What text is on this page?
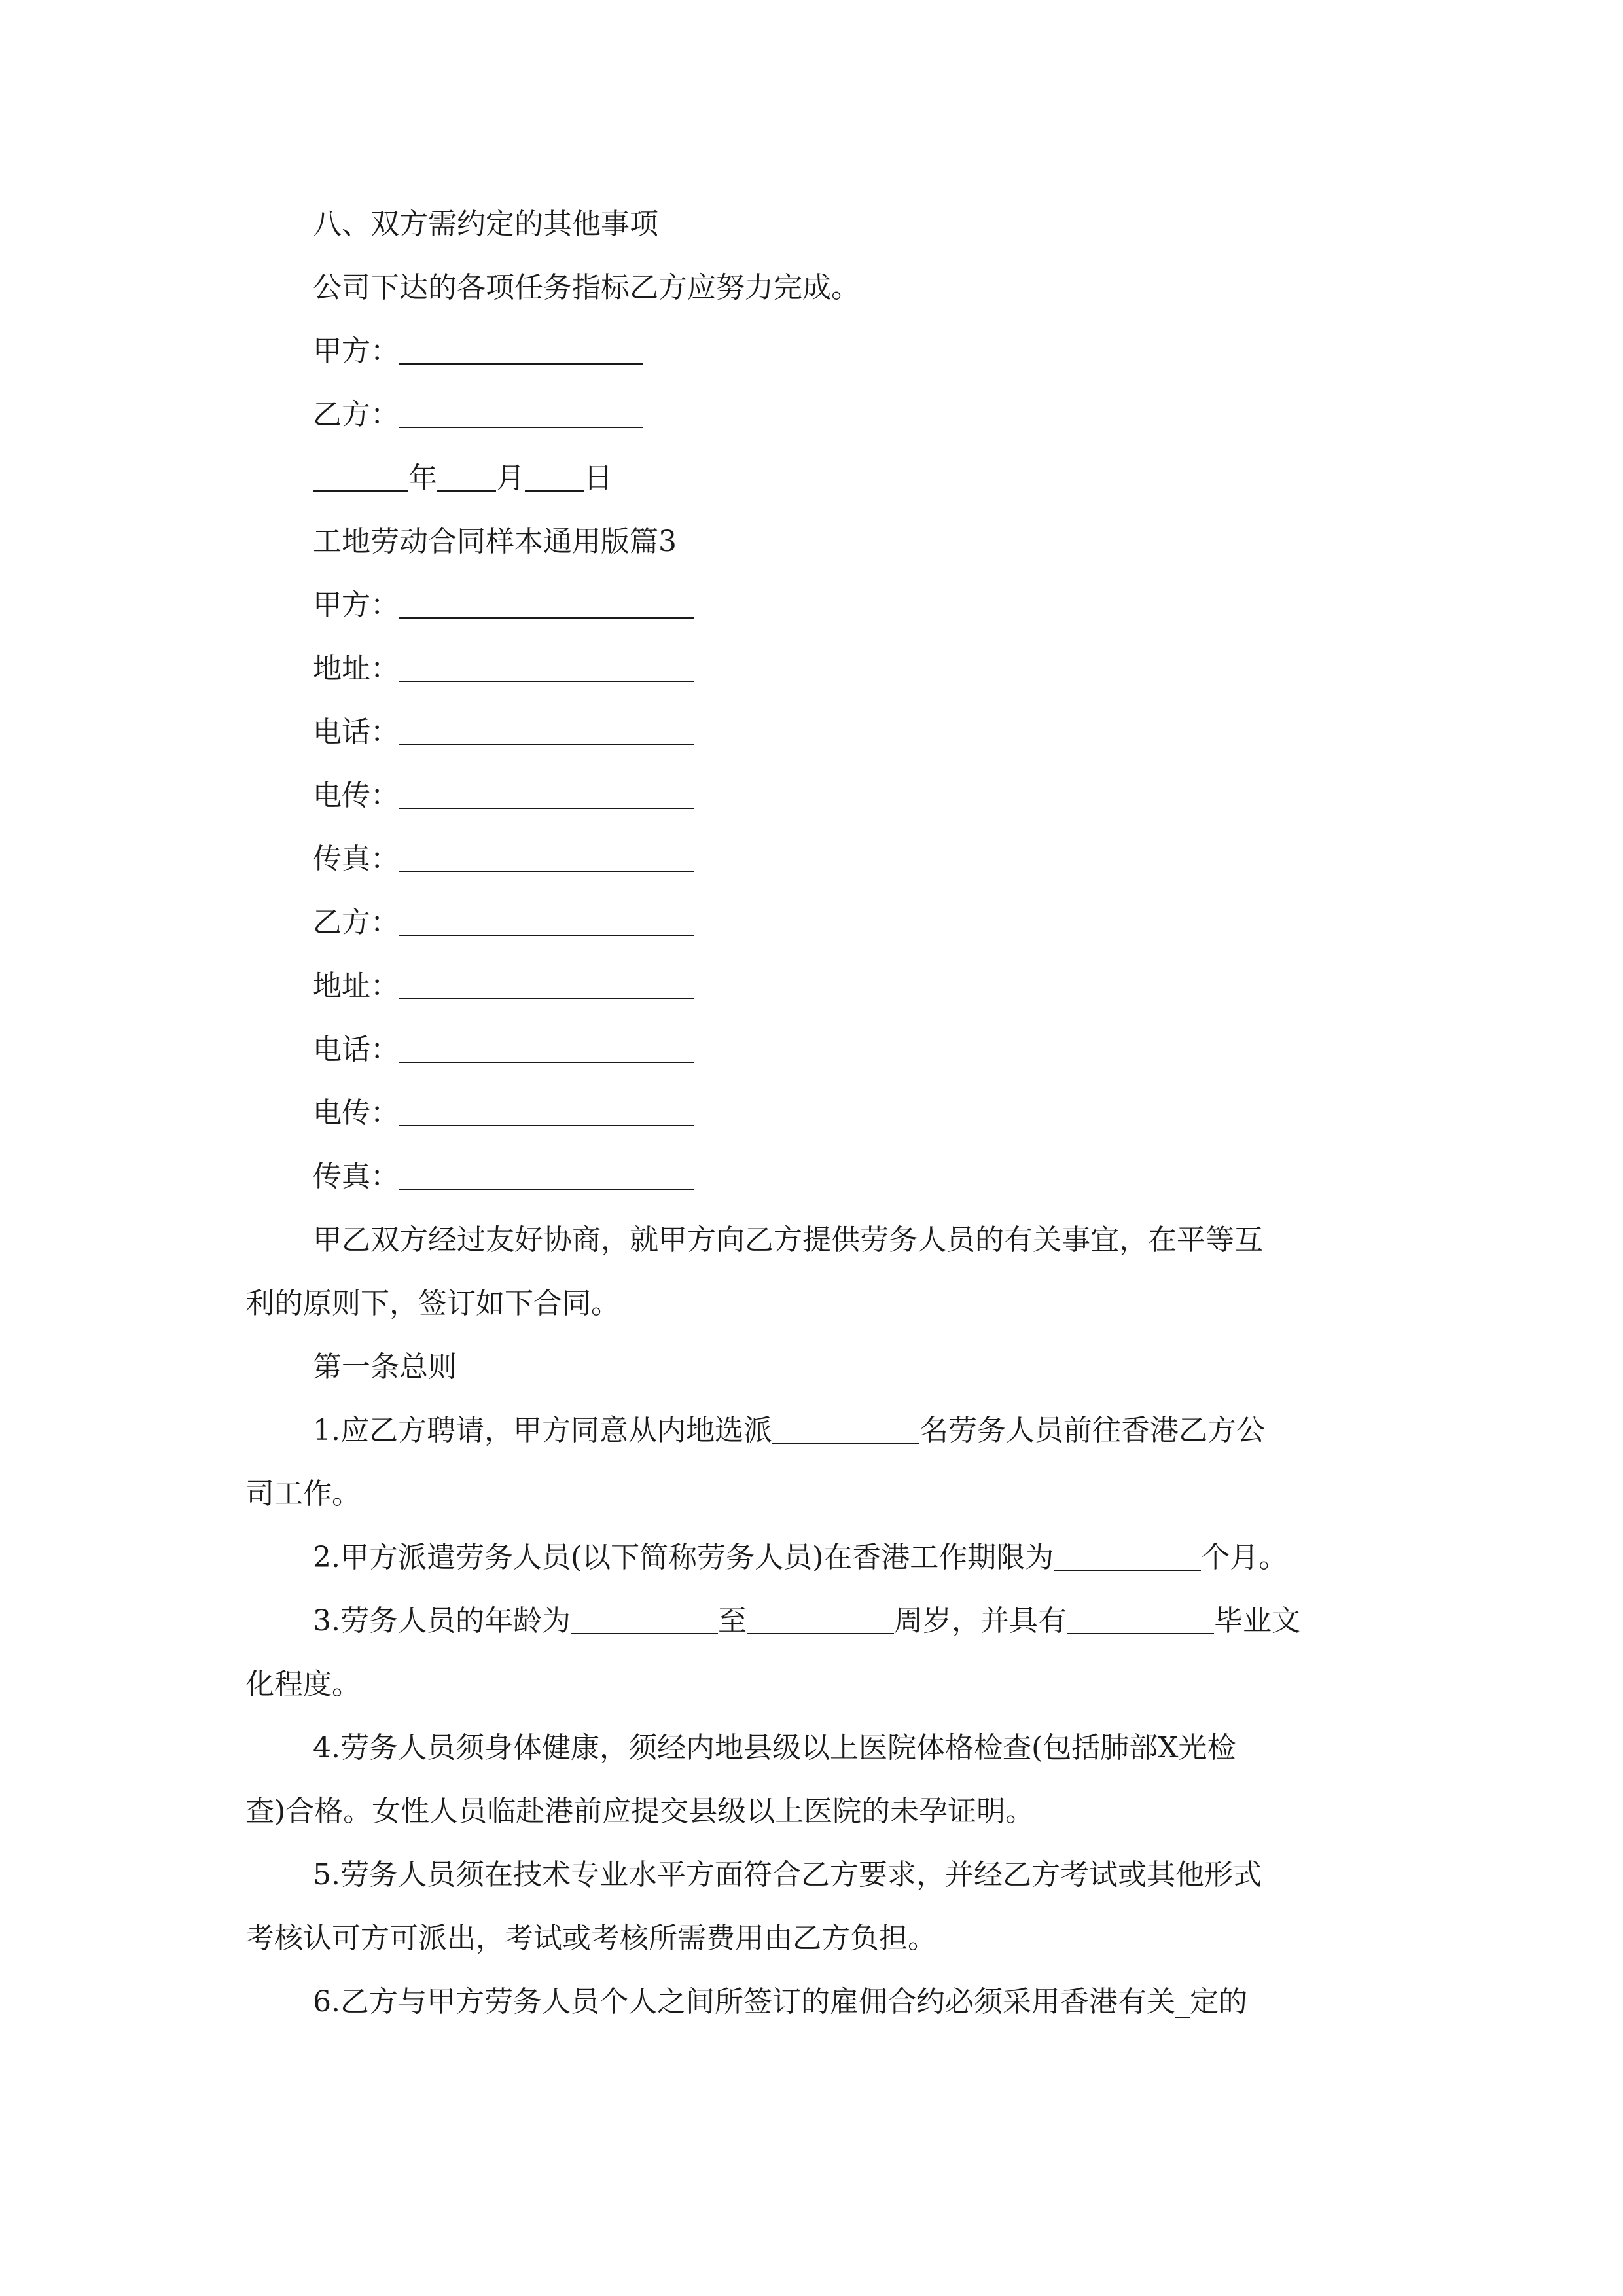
八、双方需约定的其他事项
公司下达的各项任务指标乙方应努力完成。
甲方：
乙方：
年 月 日
工地劳动合同样本通用版篇3
甲方：
地址：
电话：
电传：
传真：
乙方：
地址：
电话：
电传：
传真：
甲乙双方经过友好协商，就甲方向乙方提供劳务人员的有关事宜，在平等互
利的原则下，签订如下合同。
第一条总则
1.应乙方聘请，甲方同意从内地选派	名劳务人员前往香港乙方公
司工作。
2.甲方派遣劳务人员(以下简称劳务人员)在香港工作期限为	个月。
3.劳务人员的年龄为	至	周岁，并具有	毕业文
化程度。
4.劳务人员须身体健康，须经内地县级以上医院体格检查(包括肺部X光检
查)合格。女性人员临赴港前应提交县级以上医院的未孕证明。
5.劳务人员须在技术专业水平方面符合乙方要求，并经乙方考试或其他形式
考核认可方可派出，考试或考核所需费用由乙方负担。
6.乙方与甲方劳务人员个人之间所签订的雇佣合约必须采用香港有关_定的
